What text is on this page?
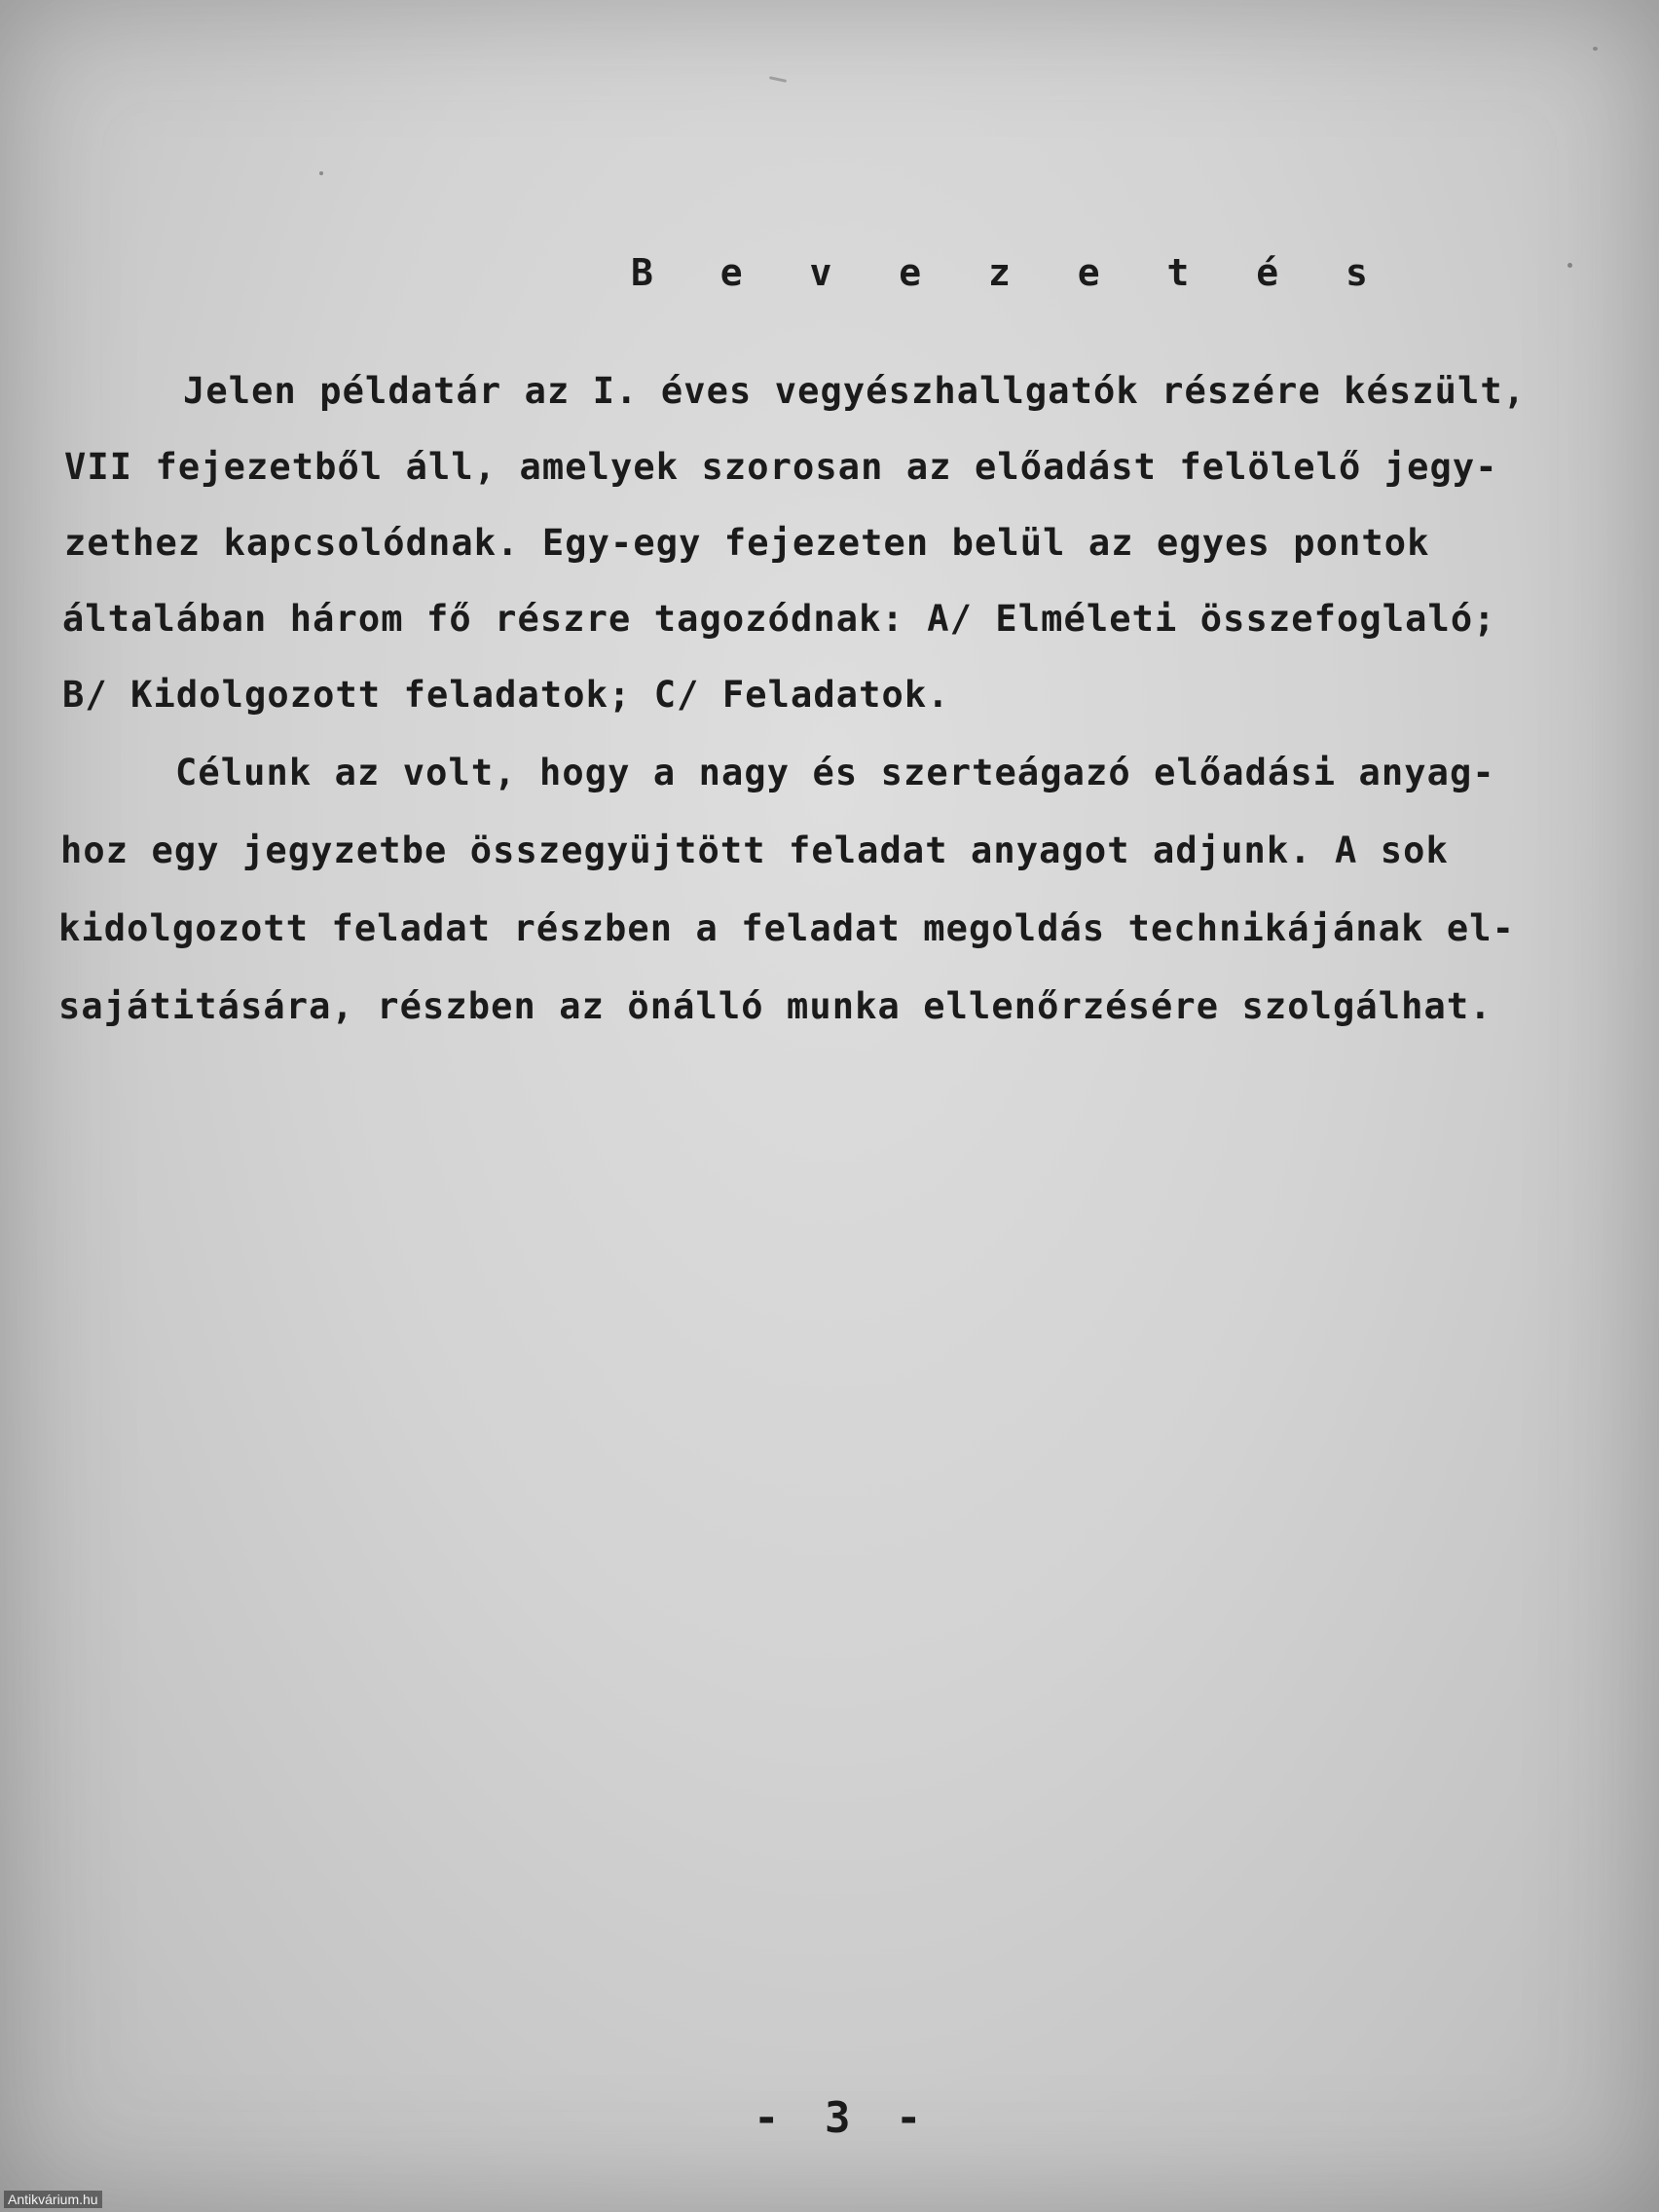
B e v e z e t é s
Jelen példatár az I. éves vegyészhallgatók részére készült,
VII fejezetből áll, amelyek szorosan az előadást felölelő jegy-
zethez kapcsolódnak. Egy-egy fejezeten belül az egyes pontok
általában három fő részre tagozódnak: A/ Elméleti összefoglaló;
B/ Kidolgozott feladatok; C/ Feladatok.
Célunk az volt, hogy a nagy és szerteágazó előadási anyag-
hoz egy jegyzetbe összegyüjtött feladat anyagot adjunk. A sok
kidolgozott feladat részben a feladat megoldás technikájának el-
sajátitására, részben az önálló munka ellenőrzésére szolgálhat.
- 3 -
Antikvárium.hu
